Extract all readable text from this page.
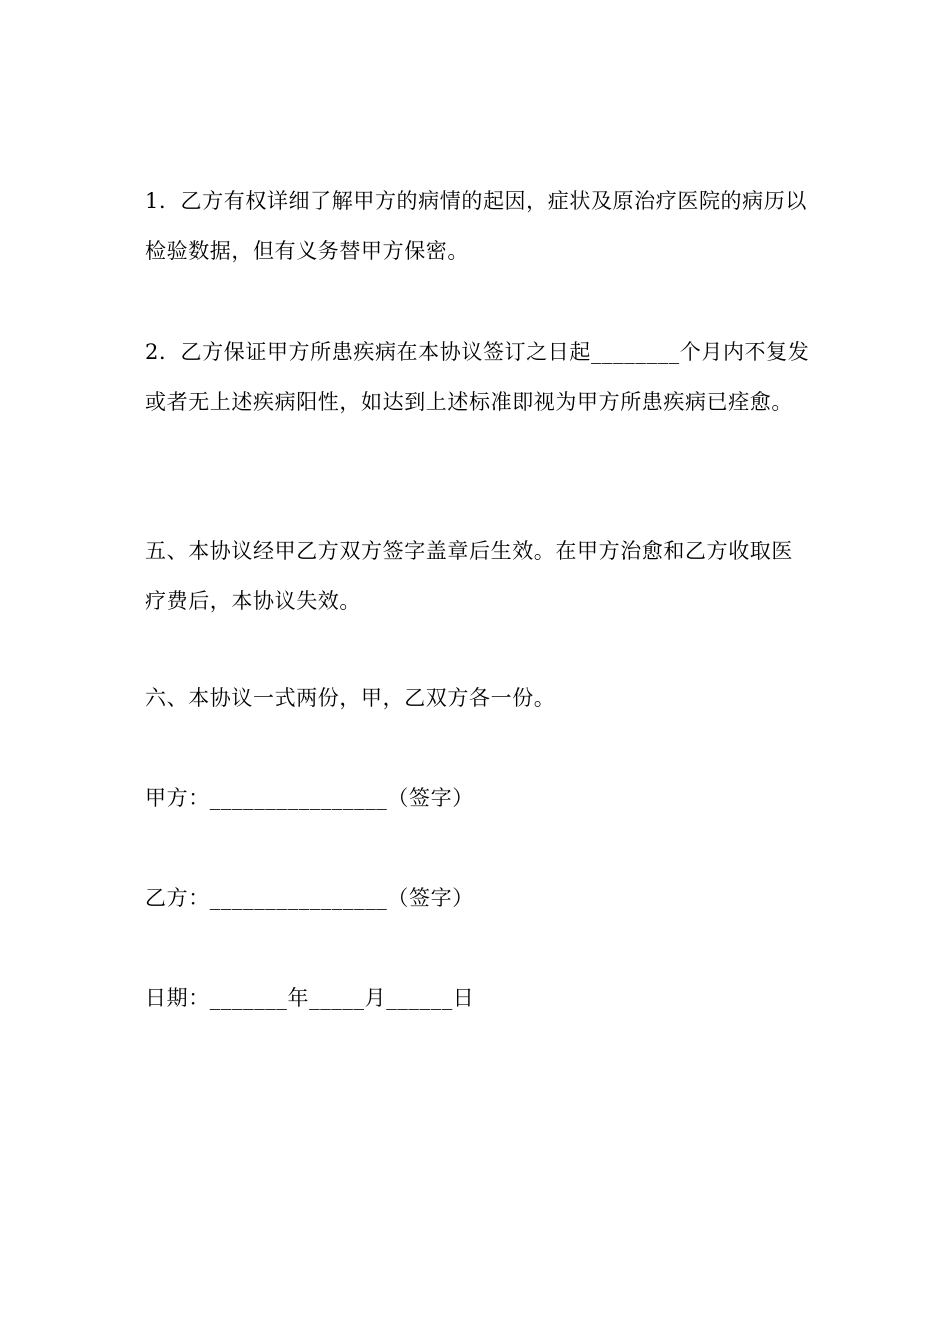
1．乙方有权详细了解甲方的病情的起因，症状及原治疗医院的病历以检验数据，但有义务替甲方保密。

2．乙方保证甲方所患疾病在本协议签订之日起________个月内不复发或者无上述疾病阳性，如达到上述标准即视为甲方所患疾病已痊愈。

五、本协议经甲乙方双方签字盖章后生效。在甲方治愈和乙方收取医疗费后，本协议失效。

六、本协议一式两份，甲，乙双方各一份。

甲方：________________（签字）

乙方：________________（签字）

日期：_______年_____月______日
